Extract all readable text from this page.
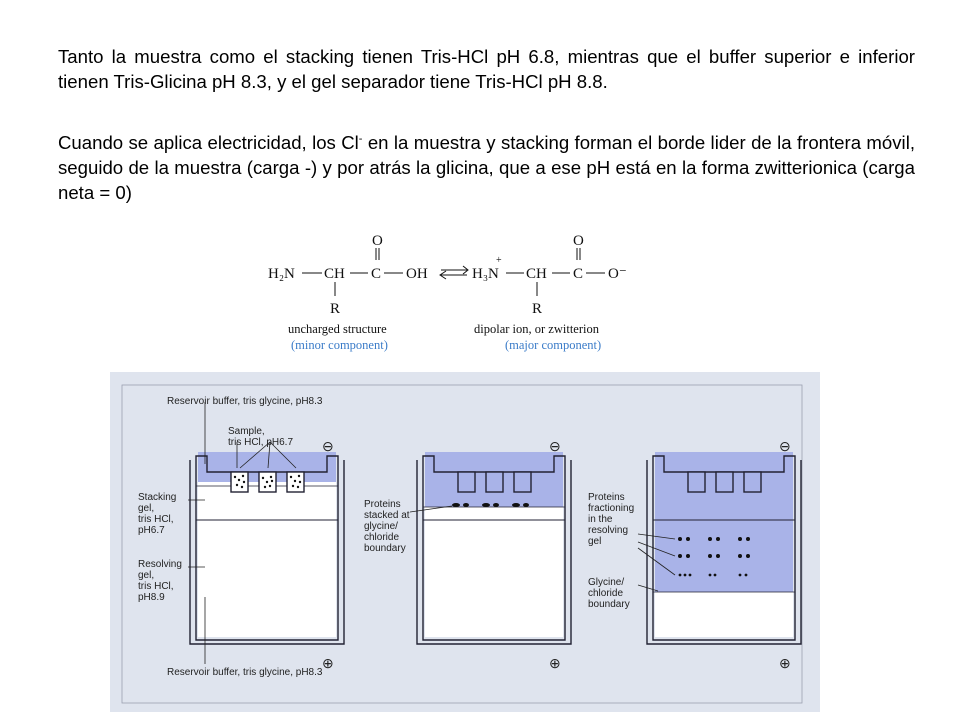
Tanto la muestra como el stacking tienen Tris-HCl pH 6.8, mientras que el buffer superior e inferior tienen Tris-Glicina pH 8.3, y el gel separador tiene Tris-HCl pH 8.8.

Cuando se aplica electricidad, los Cl- en la muestra y stacking forman el borde lider de la frontera móvil, seguido de la muestra (carga -) y por atrás la glicina, que a ese pH está en la forma zwitterionica (carga neta = 0)

O
H₂N CH C OH
R
O
+
H₃N CH C O⁻
R
uncharged structure
(minor component)
dipolar ion, or zwitterion
(major component)
⊖
⊕
⊖
⊕
⊖
⊕
Reservoir buffer, tris glycine, pH8.3
Sample,
tris HCl, pH6.7
Stacking
gel,
tris HCl,
pH6.7
Resolving
gel,
tris HCl,
pH8.9
Reservoir buffer, tris glycine, pH8.3
Proteins
stacked at
glycine/
chloride
boundary
Proteins
fractioning
in the
resolving
gel
Glycine/
chloride
boundary
